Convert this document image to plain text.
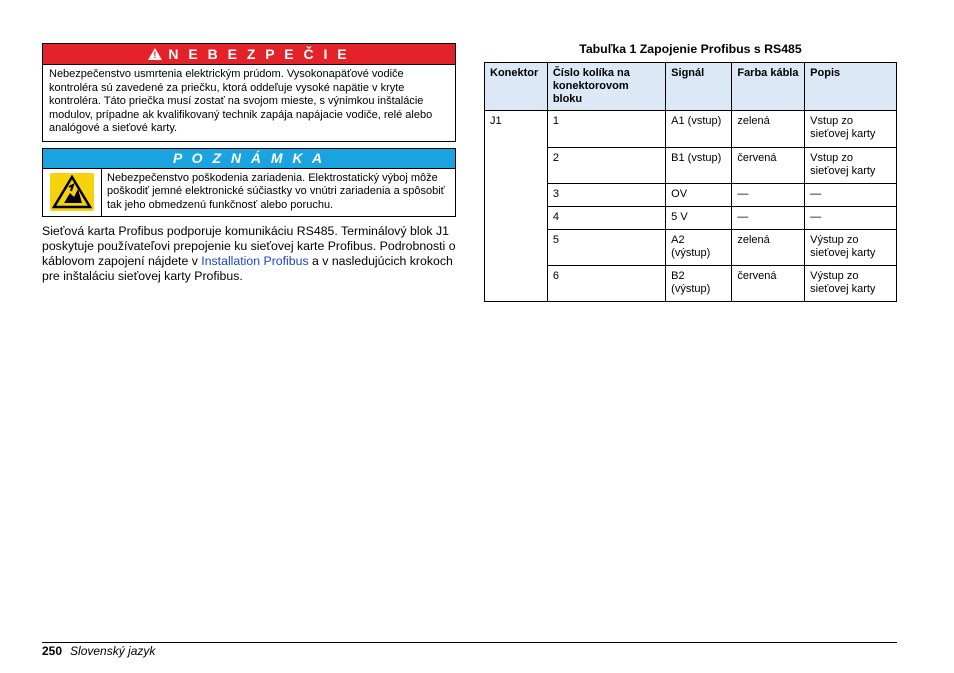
! N E B E Z P E Č I E
Nebezpečenstvo usmrtenia elektrickým prúdom. Vysokonapäťové vodiče kontroléra sú zavedené za priečku, ktorá oddeľuje vysoké napätie v kryte kontroléra. Táto priečka musí zostať na svojom mieste, s výnimkou inštalácie modulov, prípadne ak kvalifikovaný technik zapája napájacie vodiče, relé alebo analógové a sieťové karty.
P O Z N Á M K A
Nebezpečenstvo poškodenia zariadenia. Elektrostatický výboj môže poškodiť jemné elektronické súčiastky vo vnútri zariadenia a spôsobiť tak jeho obmedzenú funkčnosť alebo poruchu.
Sieťová karta Profibus podporuje komunikáciu RS485. Terminálový blok J1 poskytuje používateľovi prepojenie ku sieťovej karte Profibus. Podrobnosti o káblovom zapojení nájdete v Installation Profibus a v nasledujúcich krokoch pre inštaláciu sieťovej karty Profibus.
Tabuľka 1 Zapojenie Profibus s RS485
Konektor	Číslo kolíka na konektorovom bloku	Signál	Farba kábla	Popis
J1	1	A1 (vstup)	zelená	Vstup zo sieťovej karty
	2	B1 (vstup)	červená	Vstup zo sieťovej karty
	3	OV	—	—
	4	5 V	—	—
	5	A2 (výstup)	zelená	Výstup zo sieťovej karty
	6	B2 (výstup)	červená	Výstup zo sieťovej karty
250 Slovenský jazyk
